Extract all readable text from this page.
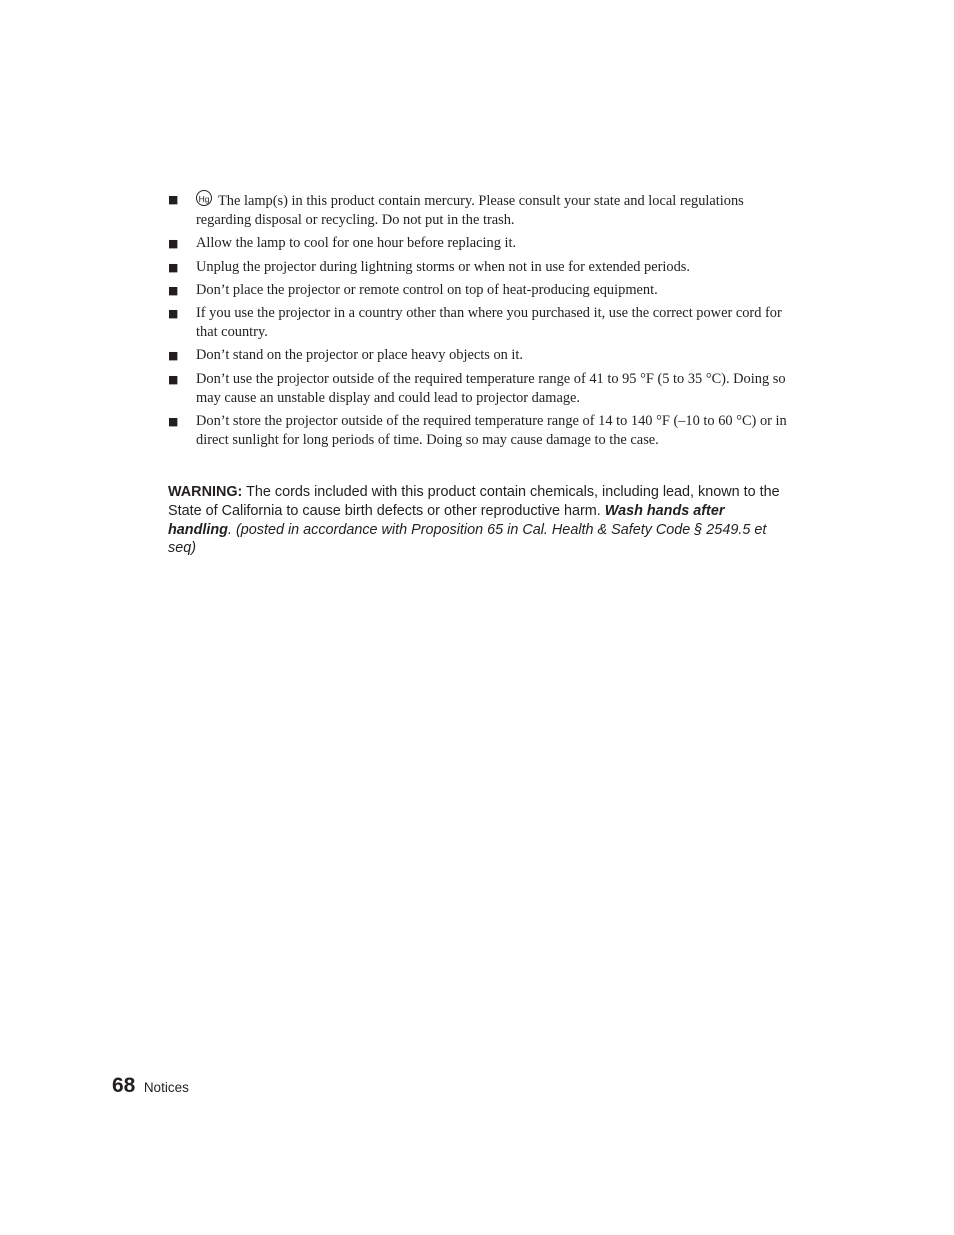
■ Hg The lamp(s) in this product contain mercury. Please consult your state and local regulations regarding disposal or recycling. Do not put in the trash.
■ Allow the lamp to cool for one hour before replacing it.
■ Unplug the projector during lightning storms or when not in use for extended periods.
■ Don’t place the projector or remote control on top of heat-producing equipment.
■ If you use the projector in a country other than where you purchased it, use the correct power cord for that country.
■ Don’t stand on the projector or place heavy objects on it.
■ Don’t use the projector outside of the required temperature range of 41 to 95 °F (5 to 35 °C). Doing so may cause an unstable display and could lead to projector damage.
■ Don’t store the projector outside of the required temperature range of 14 to 140 °F (–10 to 60 °C) or in direct sunlight for long periods of time. Doing so may cause damage to the case.

WARNING: The cords included with this product contain chemicals, including lead, known to the State of California to cause birth defects or other reproductive harm. Wash hands after handling. (posted in accordance with Proposition 65 in Cal. Health & Safety Code § 2549.5 et seq)

68 Notices
